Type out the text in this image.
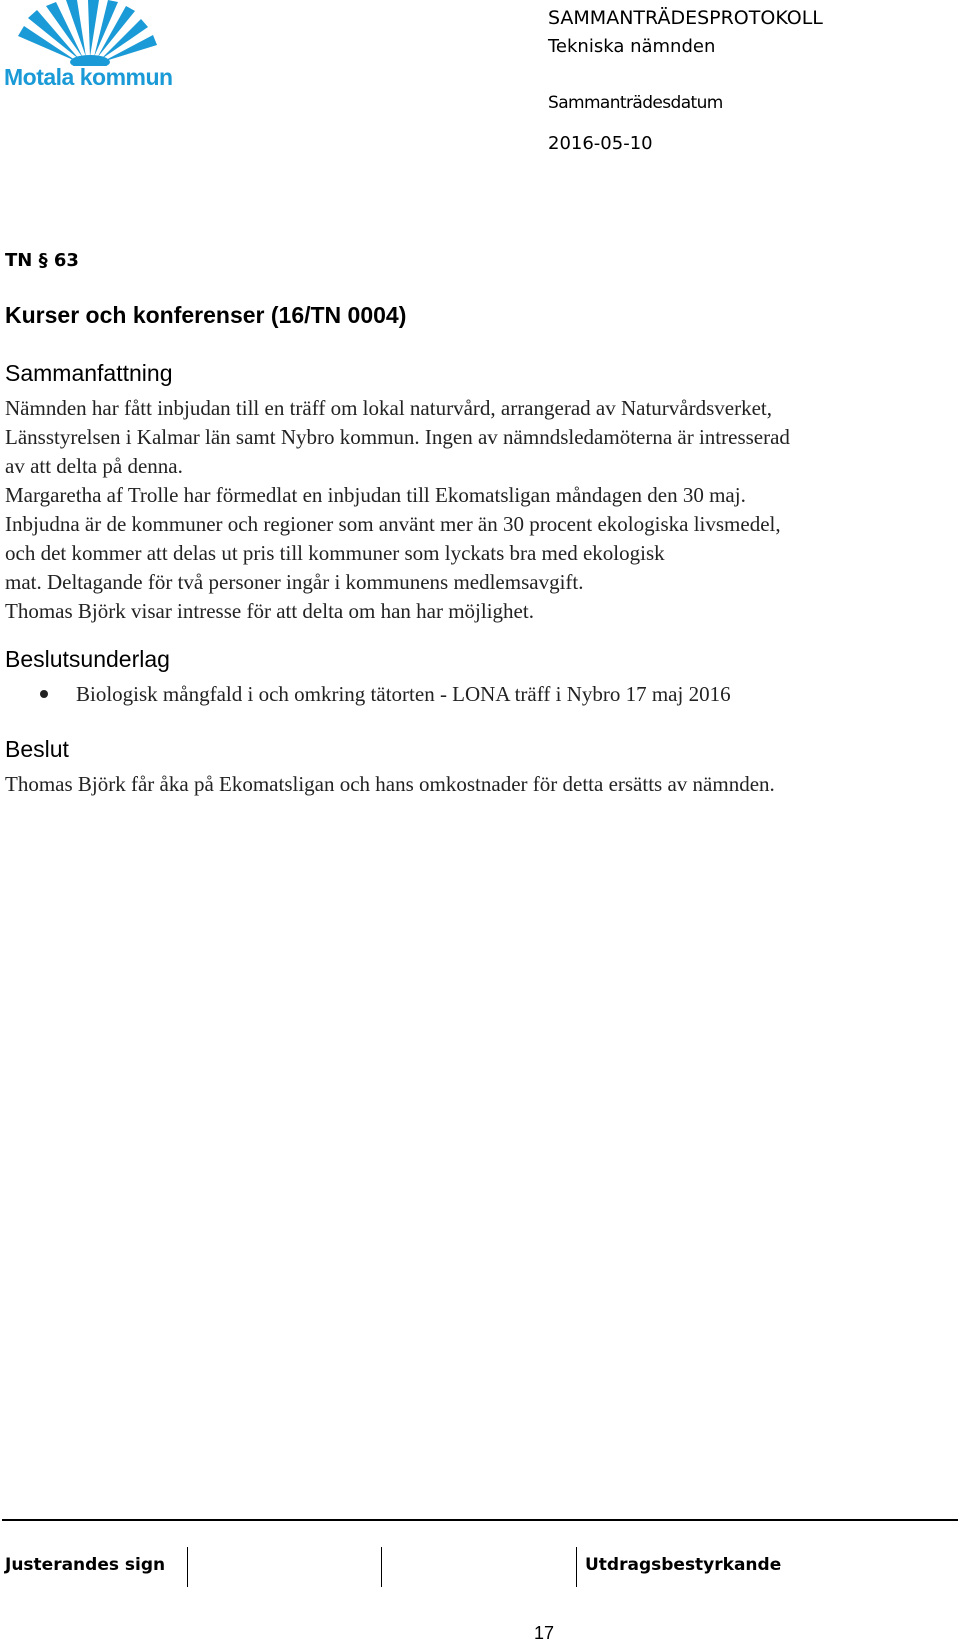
Motala kommun
SAMMANTRÄDESPROTOKOLL
Tekniska nämnden
Sammanträdesdatum
2016-05-10
TN § 63
Kurser och konferenser (16/TN 0004)
Sammanfattning

Nämnden har fått inbjudan till en träff om lokal naturvård, arrangerad av Naturvårdsverket,

Länsstyrelsen i Kalmar län samt Nybro kommun. Ingen av nämndsledamöterna är intresserad

av att delta på denna.

Margaretha af Trolle har förmedlat en inbjudan till Ekomatsligan måndagen den 30 maj.

Inbjudna är de kommuner och regioner som använt mer än 30 procent ekologiska livsmedel,

och det kommer att delas ut pris till kommuner som lyckats bra med ekologisk

mat. Deltagande för två personer ingår i kommunens medlemsavgift.

Thomas Björk visar intresse för att delta om han har möjlighet.

Beslutsunderlag
Biologisk mångfald i och omkring tätorten - LONA träff i Nybro 17 maj 2016
Beslut

Thomas Björk får åka på Ekomatsligan och hans omkostnader för detta ersätts av nämnden.

Justerandes sign	Utdragsbestyrkande
17
